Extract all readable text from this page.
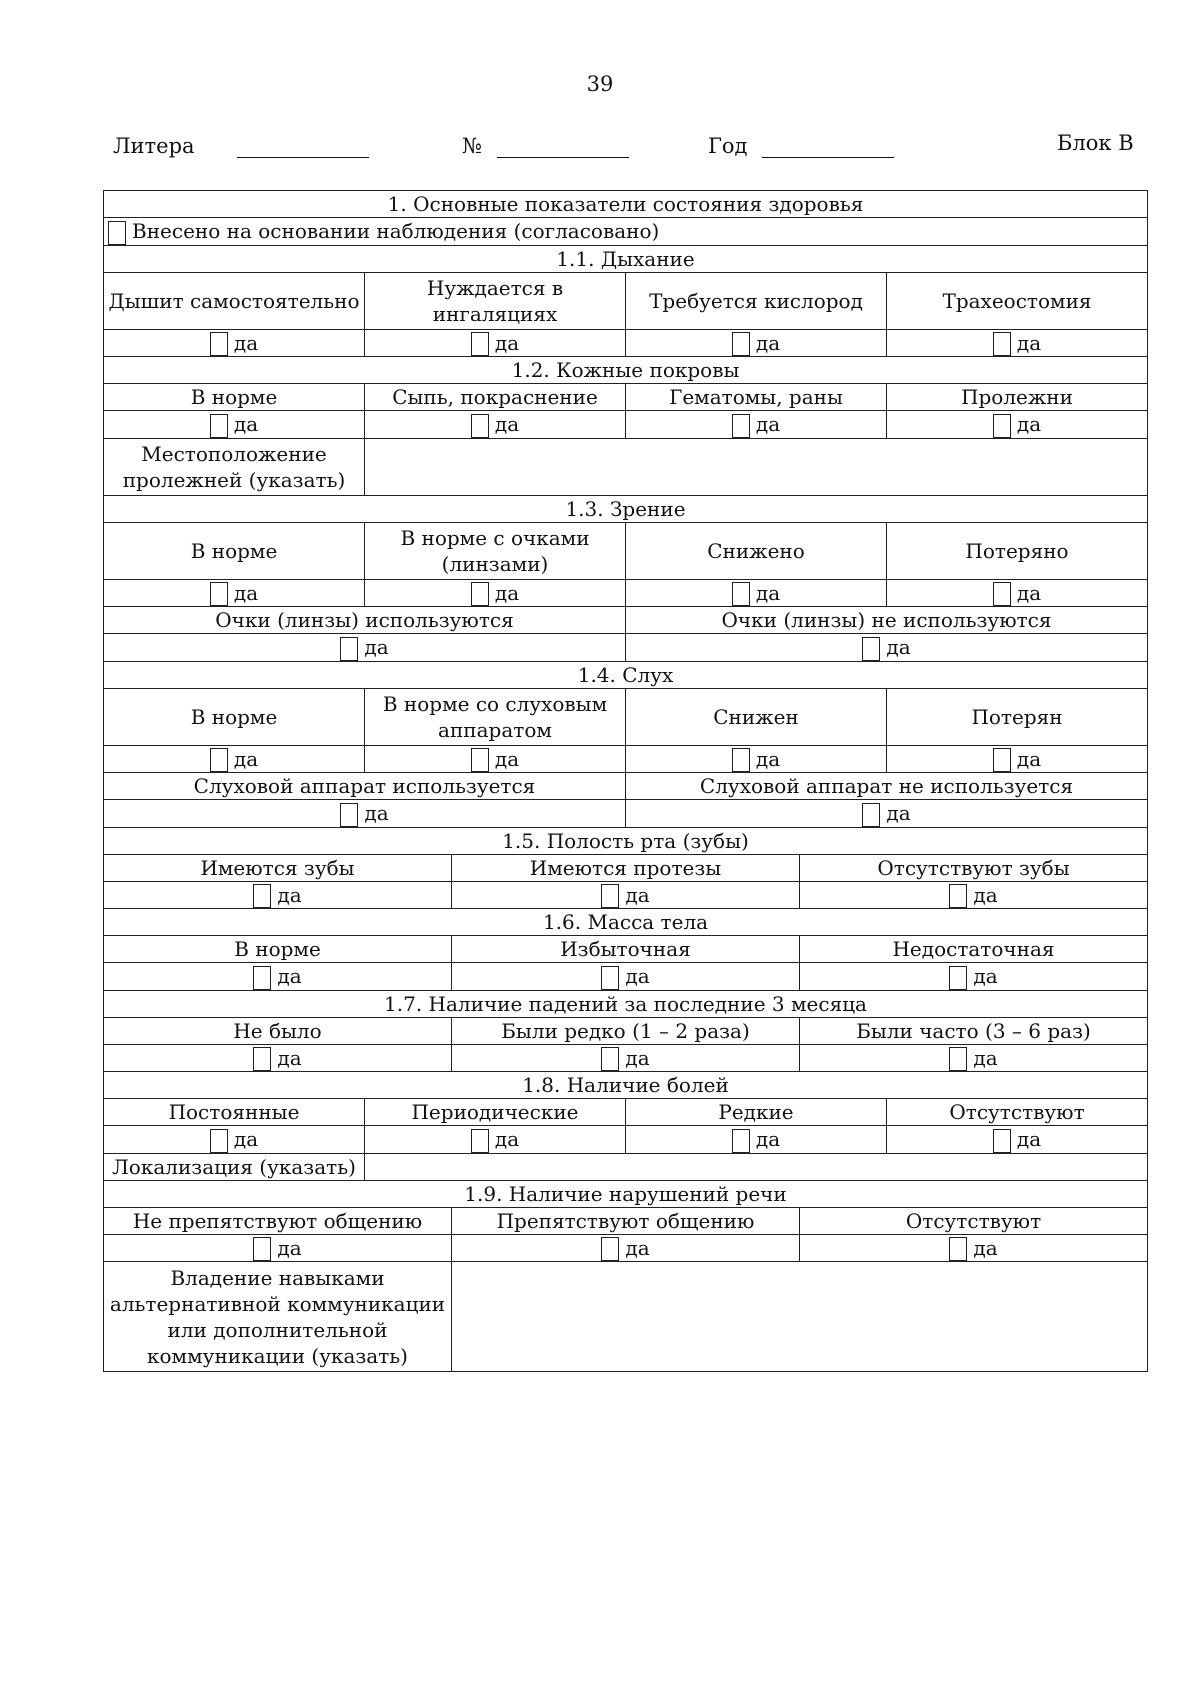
39
Литера	№	Год	Блок В
1. Основные показатели состояния здоровья					
Внесено на основании наблюдения (согласовано)					
1.1. Дыхание					
Дышит самостоятельно	Нуждается в ингаляциях		Требуется кислород		Трахеостомия
да	да		да		да
1.2. Кожные покровы					
В норме	Сыпь, покраснение		Гематомы, раны		Пролежни
да	да		да		да
Местоположение пролежней (указать)					
1.3. Зрение					
В норме	В норме с очками (линзами)		Снижено		Потеряно
да	да		да		да
Очки (линзы) используются			Очки (линзы) не используются		
да			да		
1.4. Слух					
В норме	В норме со слуховым аппаратом		Снижен		Потерян
да	да		да		да
Слуховой аппарат используется			Слуховой аппарат не используется		
да			да		
1.5. Полость рта (зубы)					
Имеются зубы		Имеются протезы		Отсутствуют зубы	
да		да		да	
1.6. Масса тела					
В норме		Избыточная		Недостаточная	
да		да		да	
1.7. Наличие падений за последние 3 месяца					
Не было		Были редко (1 – 2 раза)		Были часто (3 – 6 раз)	
да		да		да	
1.8. Наличие болей					
Постоянные	Периодические		Редкие		Отсутствуют
да	да		да		да
Локализация (указать)					
1.9. Наличие нарушений речи					
Не препятствуют общению		Препятствуют общению		Отсутствуют	
да		да		да	
Владение навыками альтернативной коммуникации или дополнительной коммуникации (указать)					
